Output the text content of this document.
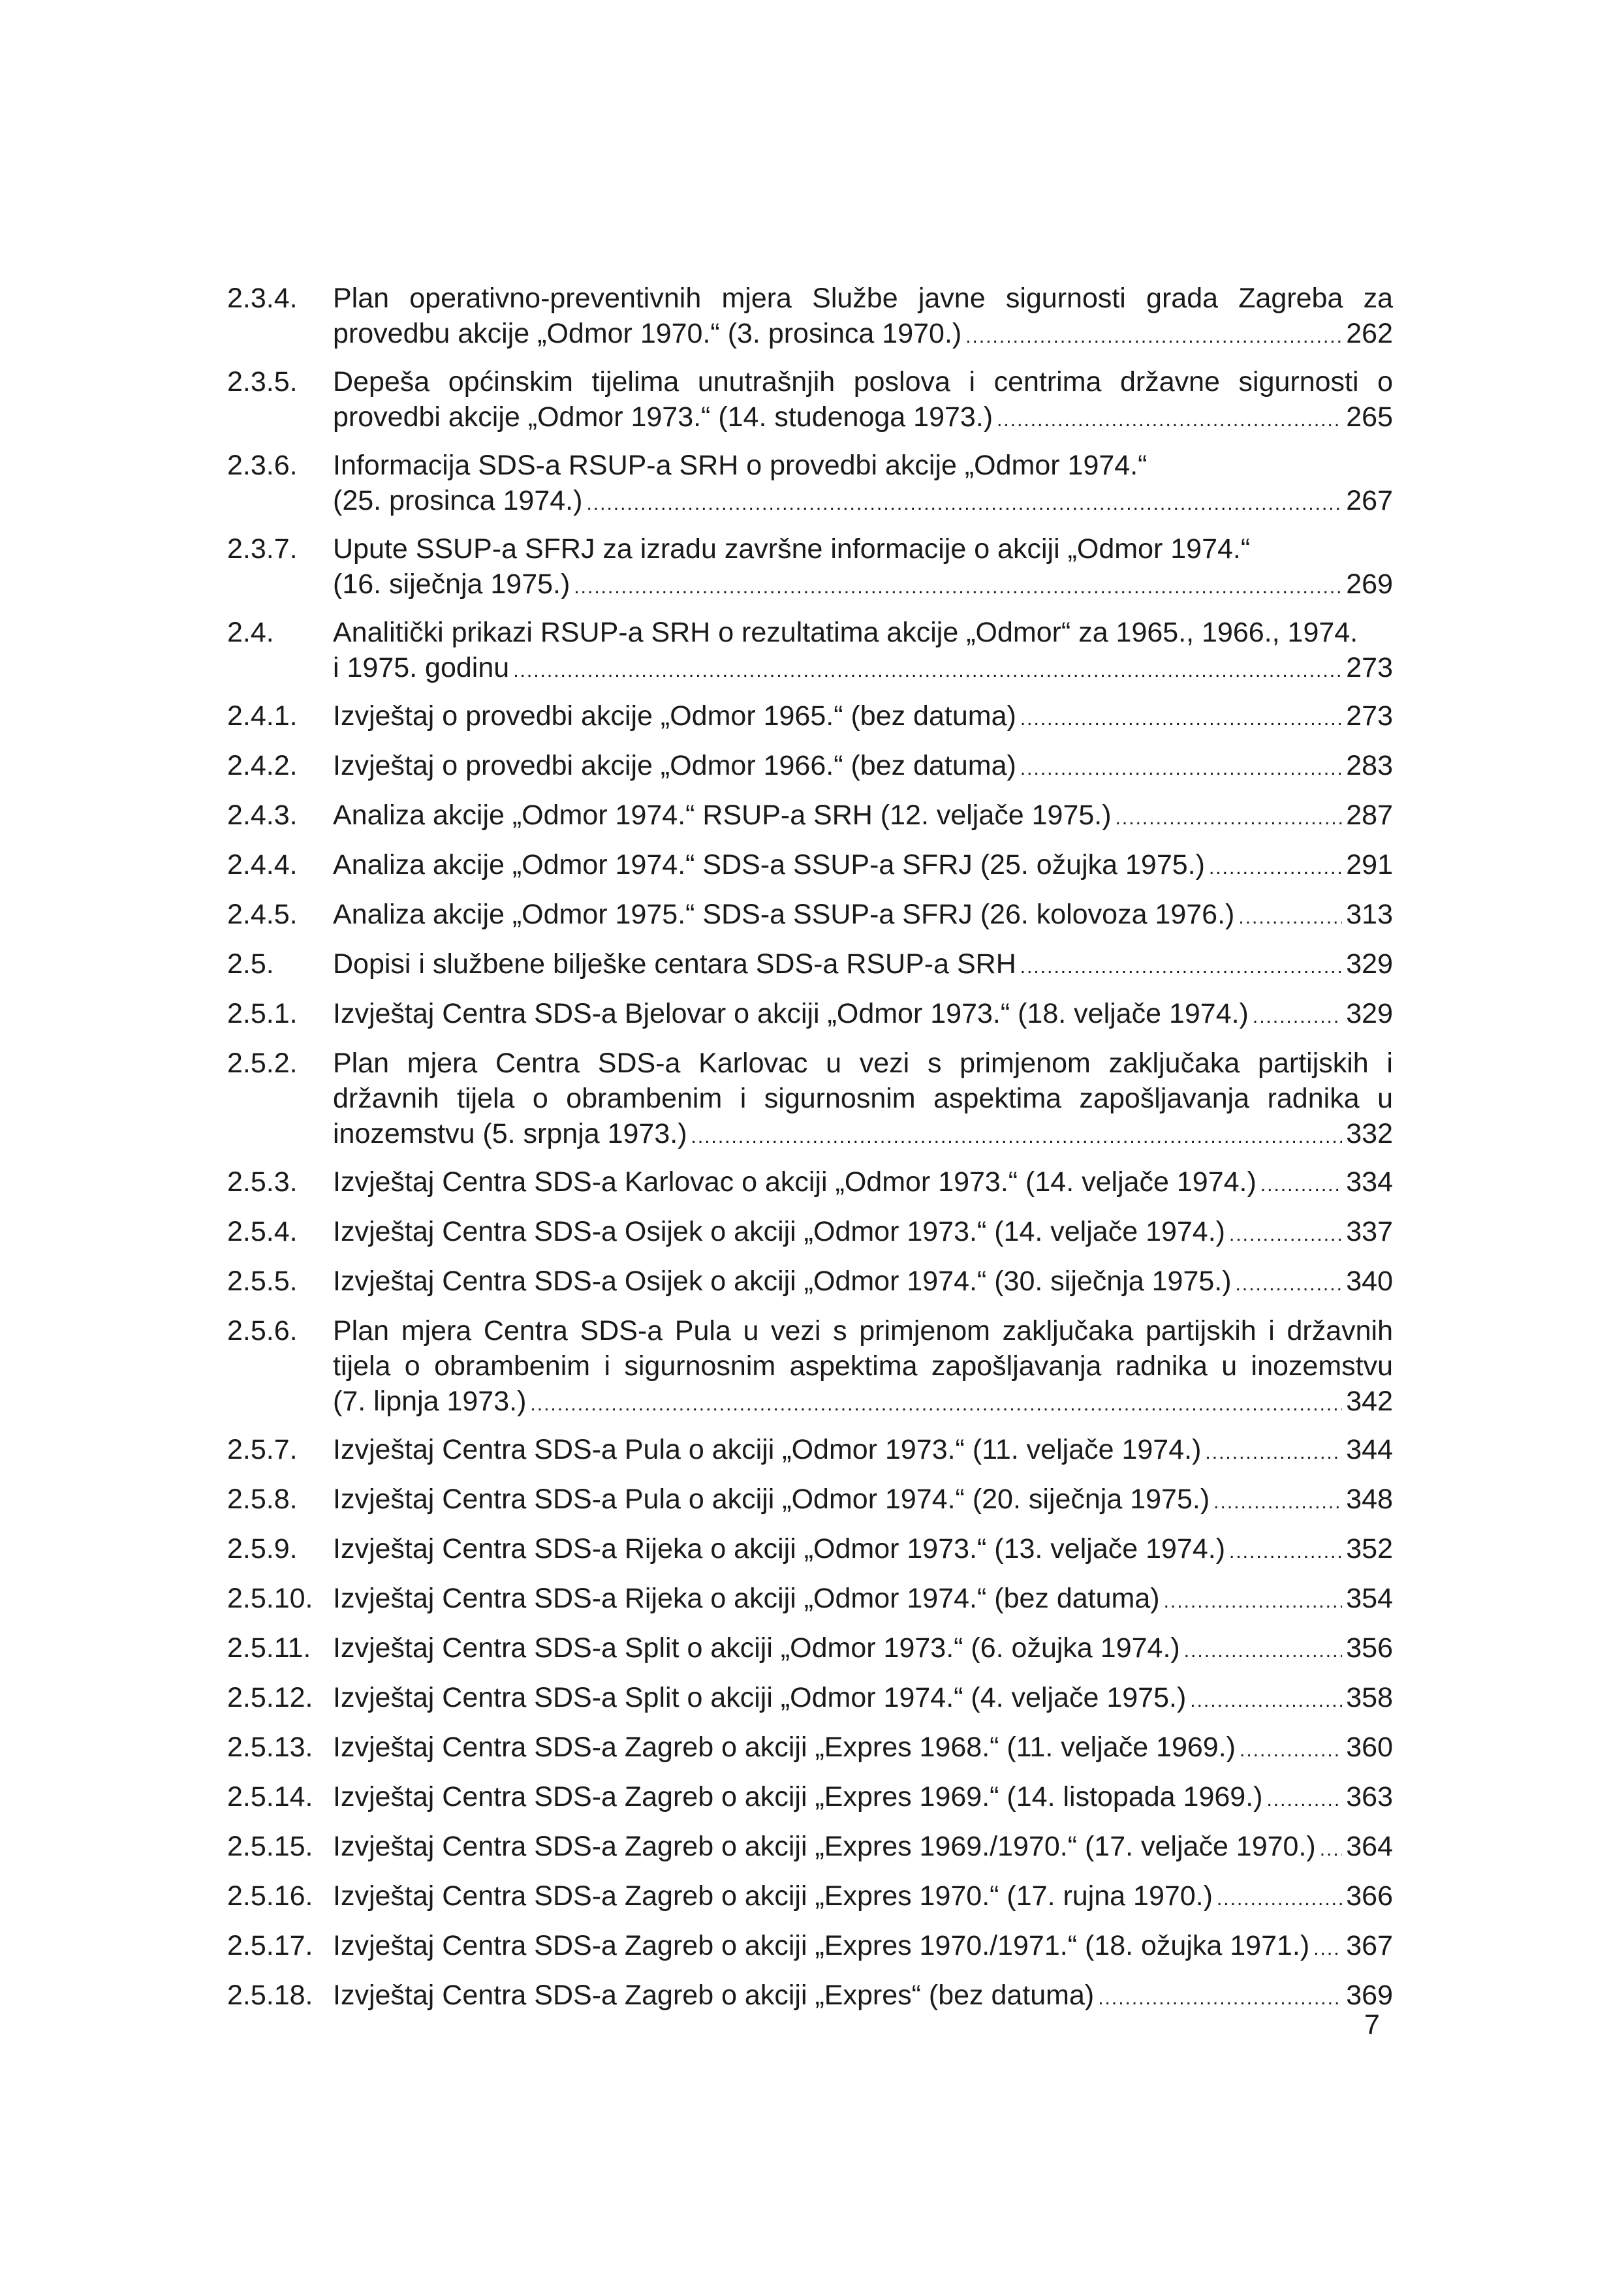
2.3.4.	Plan operativno-preventivnih mjera Službe javne sigurnosti grada Zagreba za
provedbu akcije „Odmor 1970.“ (3. prosinca 1970.) .....	262
2.3.5.	Depeša općinskim tijelima unutrašnjih poslova i centrima državne sigurnosti o
provedbi akcije „Odmor 1973.“ (14. studenoga 1973.) .....	265
2.3.6.	Informacija SDS-a RSUP-a SRH o provedbi akcije „Odmor 1974.“
(25. prosinca 1974.) .....	267
2.3.7.	Upute SSUP-a SFRJ za izradu završne informacije o akciji „Odmor 1974.“
(16. siječnja 1975.) .....	269
2.4.	Analitički prikazi RSUP-a SRH o rezultatima akcije „Odmor“ za 1965., 1966., 1974.
i 1975. godinu .....	273
2.4.1.	Izvještaj o provedbi akcije „Odmor 1965.“ (bez datuma) .....	273
2.4.2.	Izvještaj o provedbi akcije „Odmor 1966.“ (bez datuma) .....	283
2.4.3.	Analiza akcije „Odmor 1974.“ RSUP-a SRH (12. veljače 1975.) .....	287
2.4.4.	Analiza akcije „Odmor 1974.“ SDS-a SSUP-a SFRJ (25. ožujka 1975.) .....	291
2.4.5.	Analiza akcije „Odmor 1975.“ SDS-a SSUP-a SFRJ (26. kolovoza 1976.) .....	313
2.5.	Dopisi i službene bilješke centara SDS-a RSUP-a SRH .....	329
2.5.1.	Izvještaj Centra SDS-a Bjelovar o akciji „Odmor 1973.“ (18. veljače 1974.) .....	329
2.5.2.	Plan mjera Centra SDS-a Karlovac u vezi s primjenom zaključaka partijskih i
državnih tijela o obrambenim i sigurnosnim aspektima zapošljavanja radnika u
inozemstvu (5. srpnja 1973.) .....	332
2.5.3.	Izvještaj Centra SDS-a Karlovac o akciji „Odmor 1973.“ (14. veljače 1974.) .....	334
2.5.4.	Izvještaj Centra SDS-a Osijek o akciji „Odmor 1973.“ (14. veljače 1974.) .....	337
2.5.5.	Izvještaj Centra SDS-a Osijek o akciji „Odmor 1974.“ (30. siječnja 1975.) .....	340
2.5.6.	Plan mjera Centra SDS-a Pula u vezi s primjenom zaključaka partijskih i državnih
tijela o obrambenim i sigurnosnim aspektima zapošljavanja radnika u inozemstvu
(7. lipnja 1973.) .....	342
2.5.7.	Izvještaj Centra SDS-a Pula o akciji „Odmor 1973.“ (11. veljače 1974.) .....	344
2.5.8.	Izvještaj Centra SDS-a Pula o akciji „Odmor 1974.“ (20. siječnja 1975.) .....	348
2.5.9.	Izvještaj Centra SDS-a Rijeka o akciji „Odmor 1973.“ (13. veljače 1974.) .....	352
2.5.10. Izvještaj Centra SDS-a Rijeka o akciji „Odmor 1974.“ (bez datuma) .....	354
2.5.11. Izvještaj Centra SDS-a Split o akciji „Odmor 1973.“ (6. ožujka 1974.) .....	356
2.5.12. Izvještaj Centra SDS-a Split o akciji „Odmor 1974.“ (4. veljače 1975.) .....	358
2.5.13. Izvještaj Centra SDS-a Zagreb o akciji „Expres 1968.“ (11. veljače 1969.) .....	360
2.5.14. Izvještaj Centra SDS-a Zagreb o akciji „Expres 1969.“ (14. listopada 1969.) .....	363
2.5.15. Izvještaj Centra SDS-a Zagreb o akciji „Expres 1969./1970.“ (17. veljače 1970.) ..... 364
2.5.16. Izvještaj Centra SDS-a Zagreb o akciji „Expres 1970.“ (17. rujna 1970.) .....	366
2.5.17. Izvještaj Centra SDS-a Zagreb o akciji „Expres 1970./1971.“ (18. ožujka 1971.) ..... 367
2.5.18. Izvještaj Centra SDS-a Zagreb o akciji „Expres“ (bez datuma) .....	369
7
